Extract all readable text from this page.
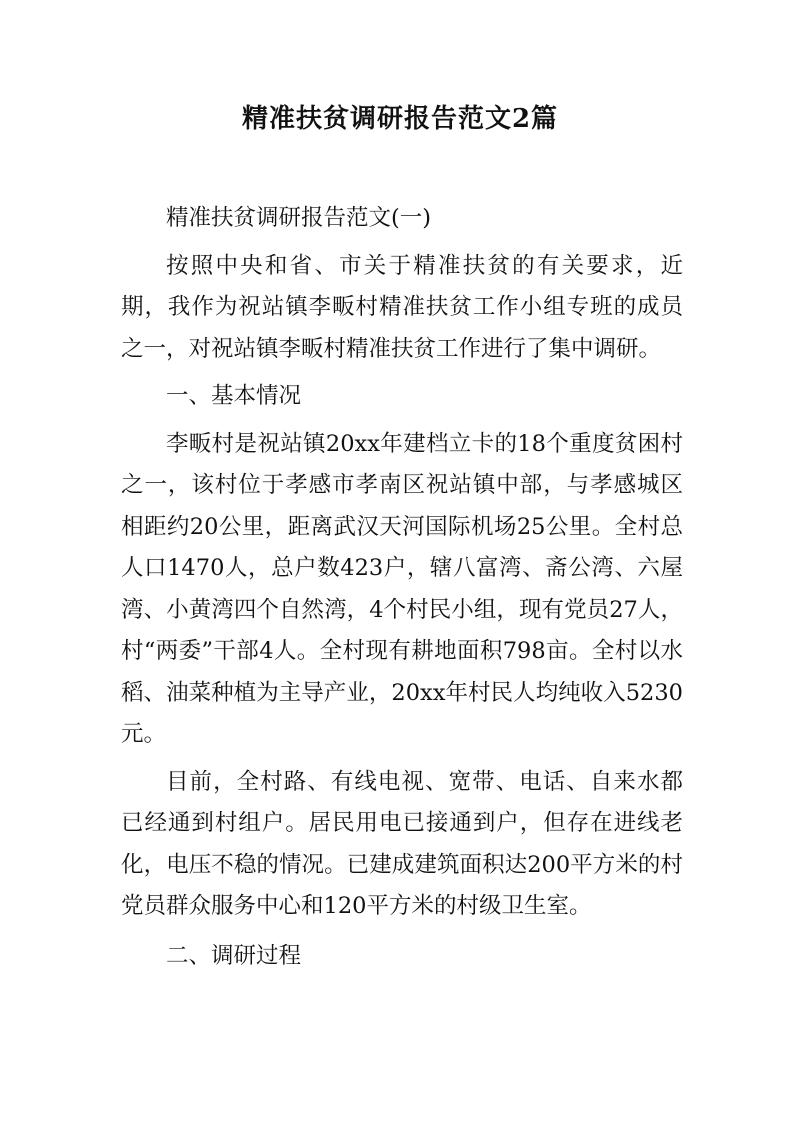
精准扶贫调研报告范文2篇

精准扶贫调研报告范文(一)

按照中央和省、市关于精准扶贫的有关要求，近期，我作为祝站镇李畈村精准扶贫工作小组专班的成员之一，对祝站镇李畈村精准扶贫工作进行了集中调研。

一、基本情况

李畈村是祝站镇20xx年建档立卡的18个重度贫困村之一，该村位于孝感市孝南区祝站镇中部，与孝感城区相距约20公里，距离武汉天河国际机场25公里。全村总人口1470人，总户数423户，辖八富湾、斋公湾、六屋湾、小黄湾四个自然湾，4个村民小组，现有党员27人，村“两委”干部4人。全村现有耕地面积798亩。全村以水稻、油菜种植为主导产业，20xx年村民人均纯收入5230元。

目前，全村路、有线电视、宽带、电话、自来水都已经通到村组户。居民用电已接通到户，但存在进线老化，电压不稳的情况。已建成建筑面积达200平方米的村党员群众服务中心和120平方米的村级卫生室。

二、调研过程
